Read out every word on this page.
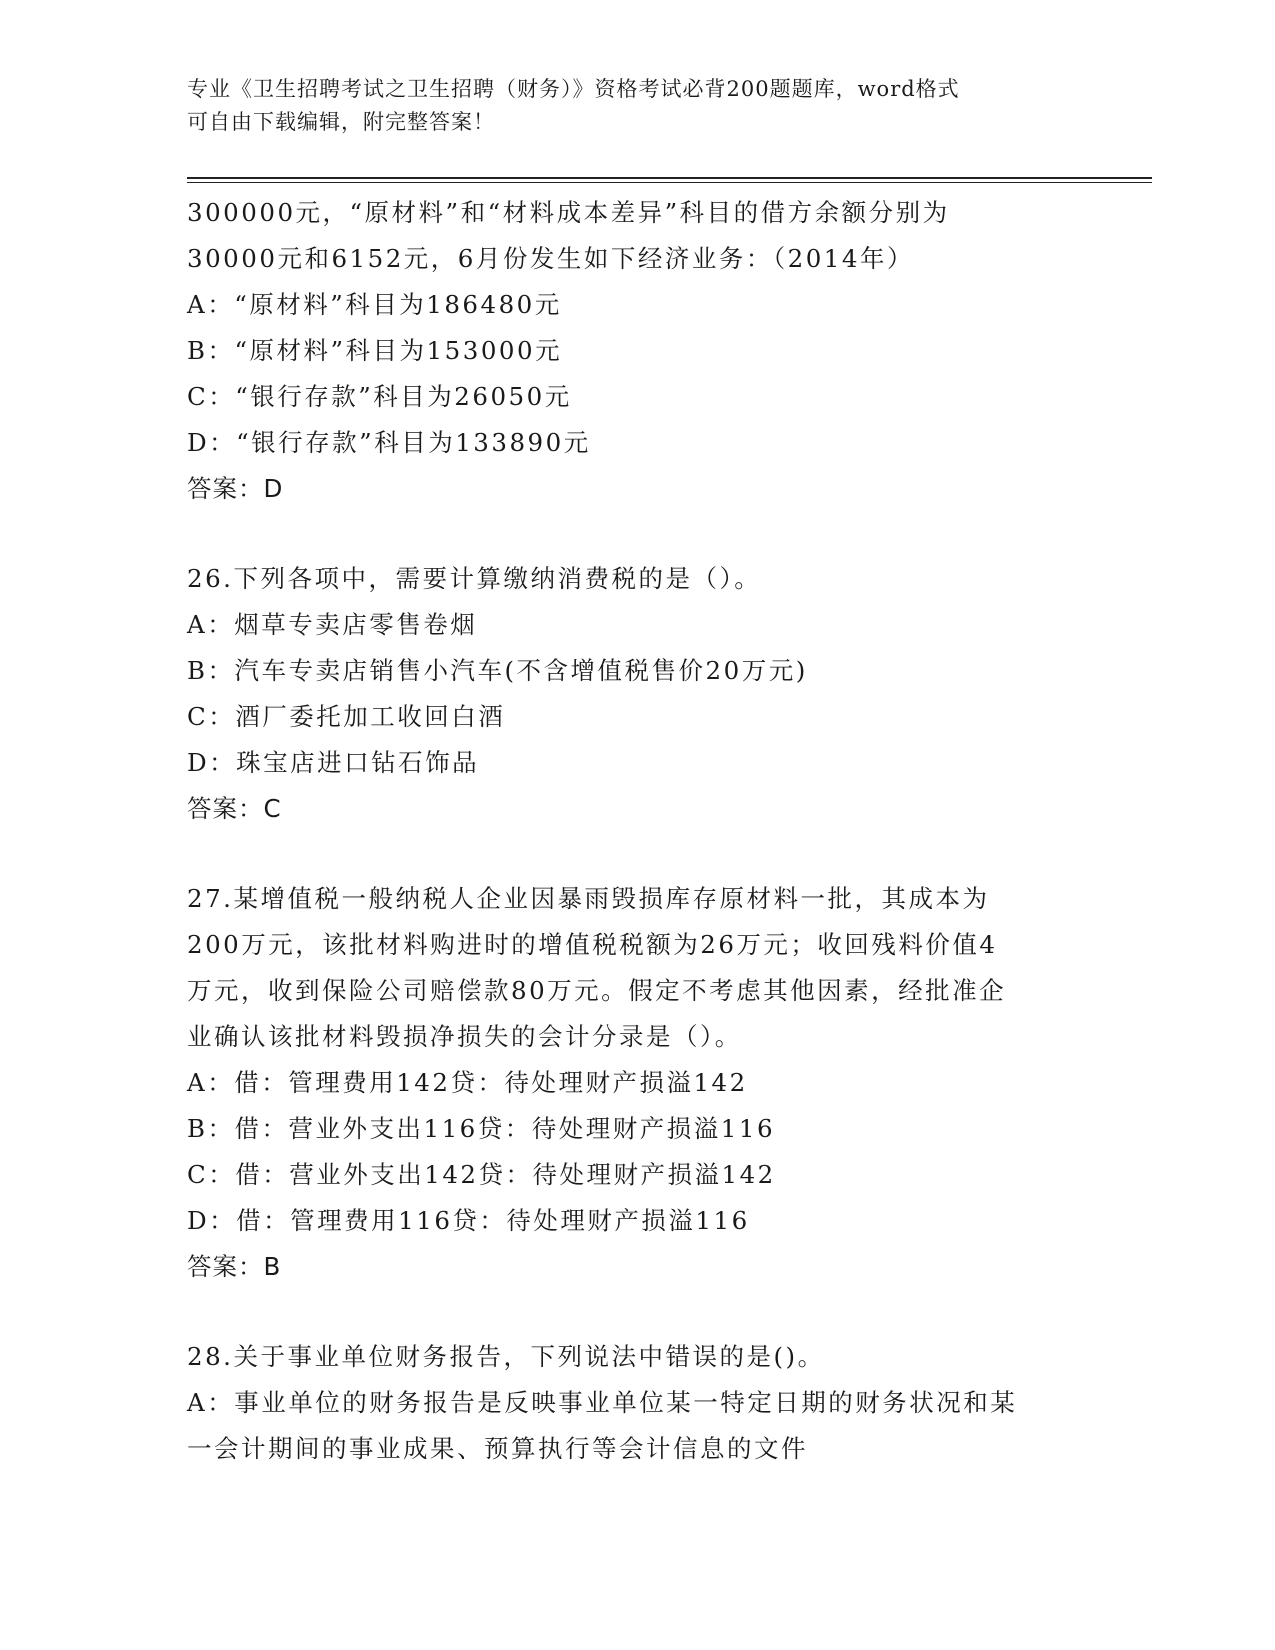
专业《卫生招聘考试之卫生招聘（财务）》资格考试必背200题题库，word格式
可自由下载编辑，附完整答案！
300000元，“原材料”和“材料成本差异”科目的借方余额分别为
30000元和6152元，6月份发生如下经济业务：（2014年）
A：“原材料”科目为186480元
B：“原材料”科目为153000元
C：“银行存款”科目为26050元
D：“银行存款”科目为133890元
答案：D
26.下列各项中，需要计算缴纳消费税的是（）。
A：烟草专卖店零售卷烟
B：汽车专卖店销售小汽车(不含增值税售价20万元)
C：酒厂委托加工收回白酒
D：珠宝店进口钻石饰品
答案：C
27.某增值税一般纳税人企业因暴雨毁损库存原材料一批，其成本为
200万元，该批材料购进时的增值税税额为26万元；收回残料价值4
万元，收到保险公司赔偿款80万元。假定不考虑其他因素，经批准企
业确认该批材料毁损净损失的会计分录是（）。
A：借：管理费用142贷：待处理财产损溢142
B：借：营业外支出116贷：待处理财产损溢116
C：借：营业外支出142贷：待处理财产损溢142
D：借：管理费用116贷：待处理财产损溢116
答案：B
28.关于事业单位财务报告，下列说法中错误的是()。
A：事业单位的财务报告是反映事业单位某一特定日期的财务状况和某
一会计期间的事业成果、预算执行等会计信息的文件
